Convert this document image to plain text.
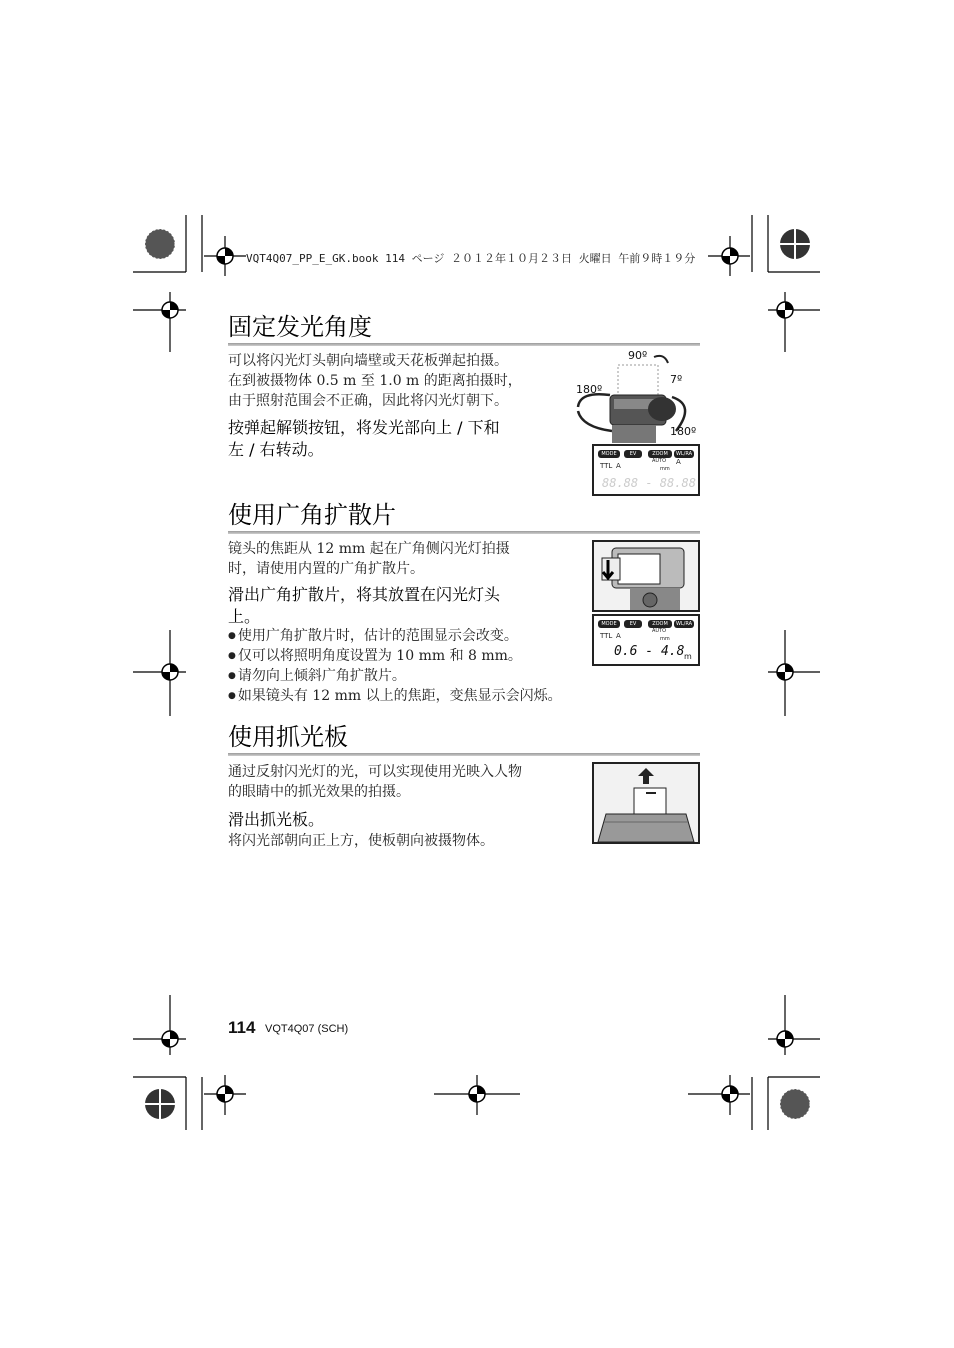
VQT4Q07_PP_E_GK.book 114 ページ ２０１２年１０月２３日 火曜日 午前９時１９分
固定发光角度
可以将闪光灯头朝向墙壁或天花板弹起拍摄。
在到被摄物体 0.5 m 至 1.0 m 的距离拍摄时，
由于照射范围会不正确，因此将闪光灯朝下。
按弹起解锁按钮，将发光部向上 / 下和
左 / 右转动。
90º
7º
180º
180º
MODE	EV	ZOOM	WL/RA
TTL A
AUTO
mm
A
88.88 - 88.88
使用广角扩散片
镜头的焦距从 12 mm 起在广角侧闪光灯拍摄
时，请使用内置的广角扩散片。
滑出广角扩散片，将其放置在闪光灯头
上。
● 使用广角扩散片时，估计的范围显示会改变。
● 仅可以将照明角度设置为 10 mm 和 8 mm。
● 请勿向上倾斜广角扩散片。
● 如果镜头有 12 mm 以上的焦距，变焦显示会闪烁。
MODE	EV	ZOOM	WL/RA
TTL A
AUTO
mm
0.6 - 4.8 m
使用抓光板
通过反射闪光灯的光，可以实现使用光映入人物
的眼睛中的抓光效果的拍摄。
滑出抓光板。
将闪光部朝向正上方，使板朝向被摄物体。
114 VQT4Q07 (SCH)
